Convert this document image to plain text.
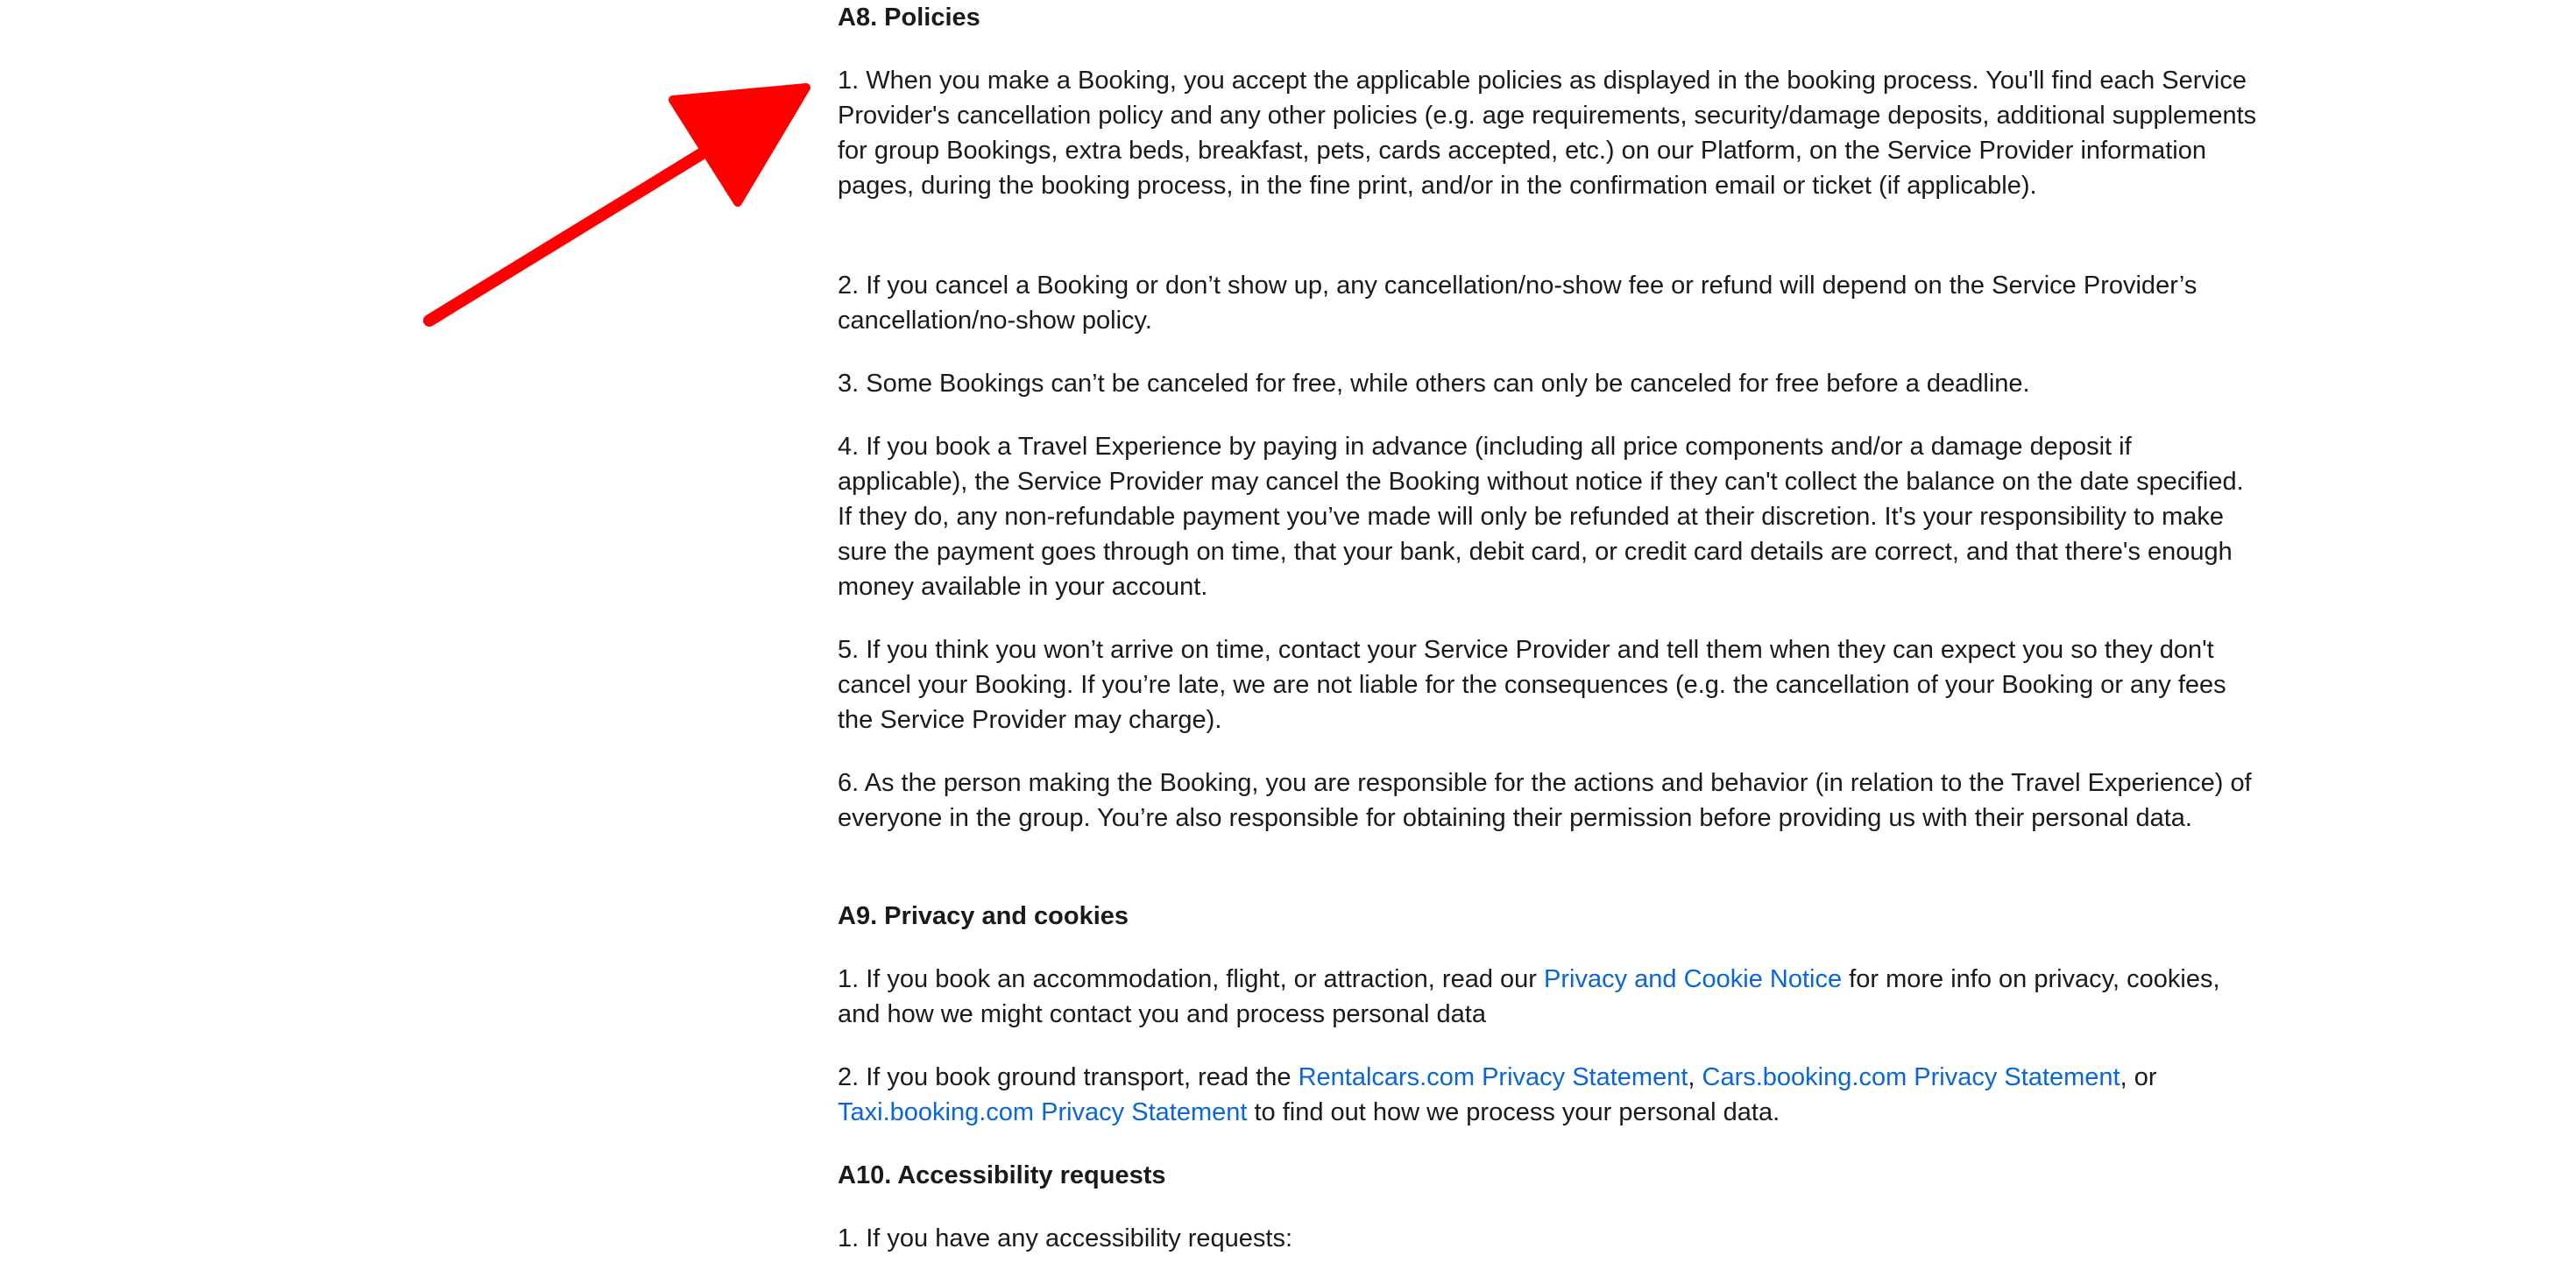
A8. Policies

1. When you make a Booking, you accept the applicable policies as displayed in the booking process. You'll find each Service Provider's cancellation policy and any other policies (e.g. age requirements, security/damage deposits, additional supplements for group Bookings, extra beds, breakfast, pets, cards accepted, etc.) on our Platform, on the Service Provider information pages, during the booking process, in the fine print, and/or in the confirmation email or ticket (if applicable).

2. If you cancel a Booking or don’t show up, any cancellation/no-show fee or refund will depend on the Service Provider’s cancellation/no-show policy.

3. Some Bookings can’t be canceled for free, while others can only be canceled for free before a deadline.

4. If you book a Travel Experience by paying in advance (including all price components and/or a damage deposit if applicable), the Service Provider may cancel the Booking without notice if they can't collect the balance on the date specified. If they do, any non-refundable payment you’ve made will only be refunded at their discretion. It's your responsibility to make sure the payment goes through on time, that your bank, debit card, or credit card details are correct, and that there's enough money available in your account.

5. If you think you won’t arrive on time, contact your Service Provider and tell them when they can expect you so they don't cancel your Booking. If you’re late, we are not liable for the consequences (e.g. the cancellation of your Booking or any fees the Service Provider may charge).

6. As the person making the Booking, you are responsible for the actions and behavior (in relation to the Travel Experience) of everyone in the group. You’re also responsible for obtaining their permission before providing us with their personal data.

A9. Privacy and cookies

1. If you book an accommodation, flight, or attraction, read our Privacy and Cookie Notice for more info on privacy, cookies, and how we might contact you and process personal data

2. If you book ground transport, read the Rentalcars.com Privacy Statement, Cars.booking.com Privacy Statement, or Taxi.booking.com Privacy Statement to find out how we process your personal data.

A10. Accessibility requests

1. If you have any accessibility requests:
